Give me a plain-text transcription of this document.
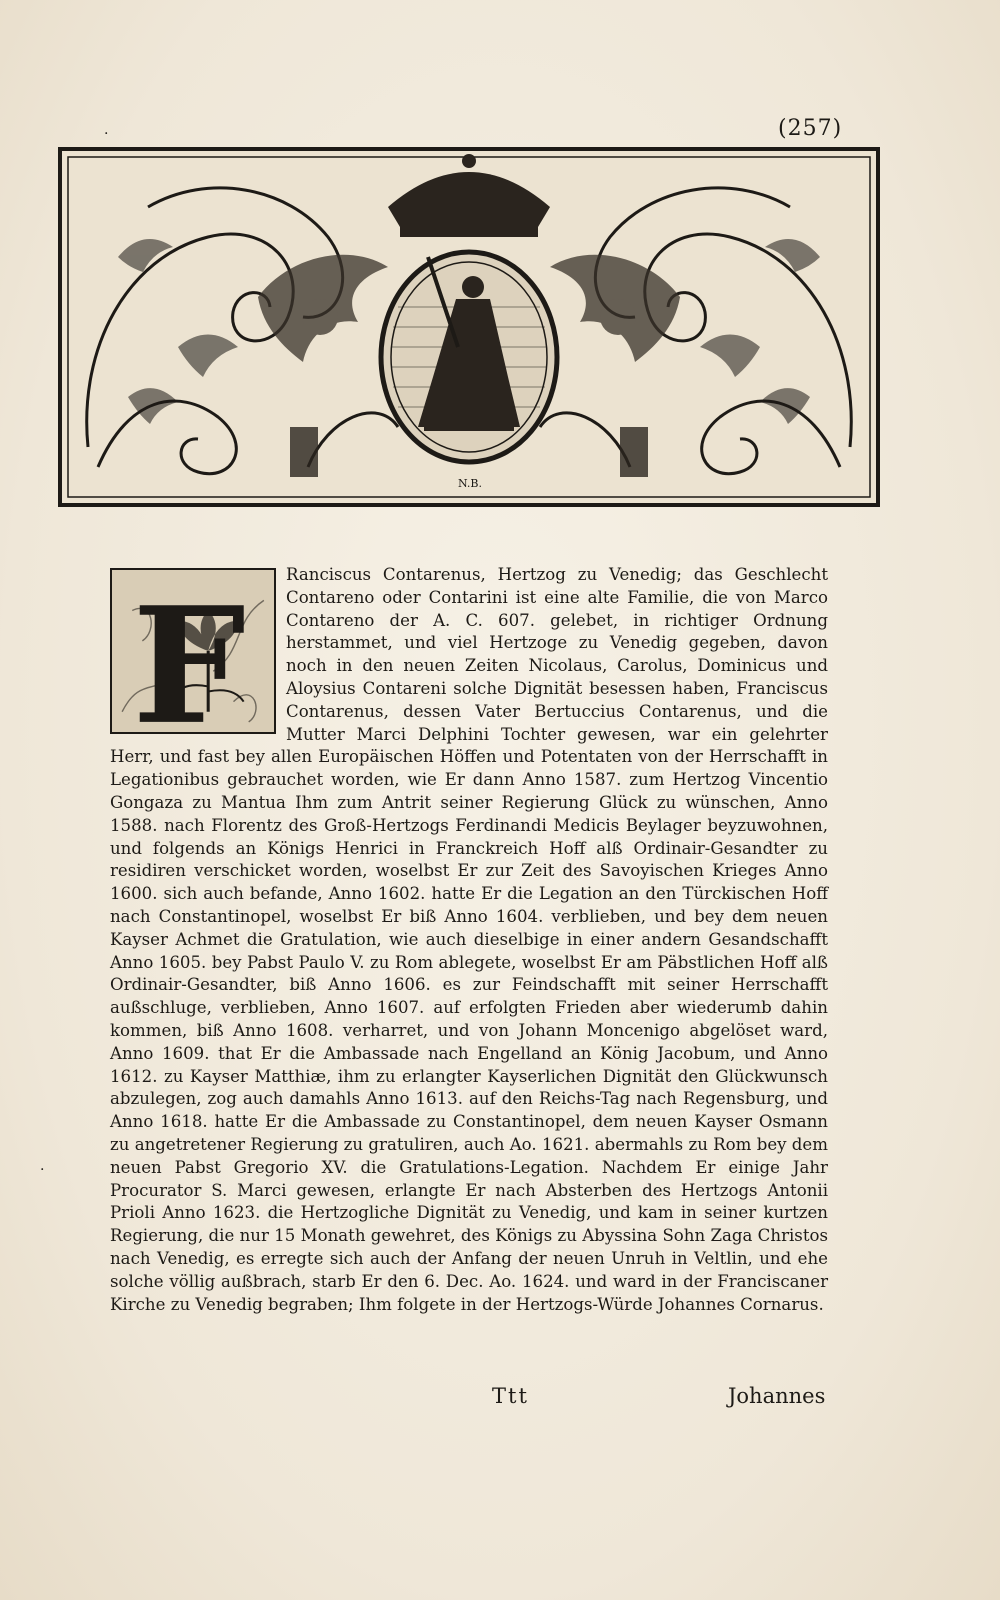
(257)
.
.
N.B.
F Ranciscus Contarenus, Hertzog zu Venedig; das Geschlecht Contareno oder Contarini ist eine alte Familie, die von Marco Contareno der A. C. 607. gelebet, in richtiger Ordnung herstammet, und viel Hertzoge zu Venedig gegeben, davon noch in den neuen Zeiten Nicolaus, Carolus, Dominicus und Aloysius Contareni solche Dignität besessen haben, Franciscus Contarenus, dessen Vater Bertuccius Contarenus, und die Mutter Marci Delphini Tochter gewesen, war ein gelehrter Herr, und fast bey allen Europäischen Höffen und Potentaten von der Herrschafft in Legationibus gebrauchet worden, wie Er dann Anno 1587. zum Hertzog Vincentio Gongaza zu Mantua Ihm zum Antrit seiner Regierung Glück zu wünschen, Anno 1588. nach Florentz des Groß-Hertzogs Ferdinandi Medicis Beylager beyzuwohnen, und folgends an Königs Henrici in Franckreich Hoff alß Ordinair-Gesandter zu residiren verschicket worden, woselbst Er zur Zeit des Savoyischen Krieges Anno 1600. sich auch befande, Anno 1602. hatte Er die Legation an den Türckischen Hoff nach Constantinopel, woselbst Er biß Anno 1604. verblieben, und bey dem neuen Kayser Achmet die Gratulation, wie auch dieselbige in einer andern Gesandschafft Anno 1605. bey Pabst Paulo V. zu Rom ablegete, woselbst Er am Päbstlichen Hoff alß Ordinair-Gesandter, biß Anno 1606. es zur Feindschafft mit seiner Herrschafft außschluge, verblieben, Anno 1607. auf erfolgten Frieden aber wiederumb dahin kommen, biß Anno 1608. verharret, und von Johann Moncenigo abgelöset ward, Anno 1609. that Er die Ambassade nach Engelland an König Jacobum, und Anno 1612. zu Kayser Matthiæ, ihm zu erlangter Kayserlichen Dignität den Glückwunsch abzulegen, zog auch damahls Anno 1613. auf den Reichs-Tag nach Regensburg, und Anno 1618. hatte Er die Ambassade zu Constantinopel, dem neuen Kayser Osmann zu angetretener Regierung zu gratuliren, auch Ao. 1621. abermahls zu Rom bey dem neuen Pabst Gregorio XV. die Gratulations-Legation. Nachdem Er einige Jahr Procurator S. Marci gewesen, erlangte Er nach Absterben des Hertzogs Antonii Prioli Anno 1623. die Hertzogliche Dignität zu Venedig, und kam in seiner kurtzen Regierung, die nur 15 Monath gewehret, des Königs zu Abyssina Sohn Zaga Christos nach Venedig, es erregte sich auch der Anfang der neuen Unruh in Veltlin, und ehe solche völlig außbrach, starb Er den 6. Dec. Ao. 1624. und ward in der Franciscaner Kirche zu Venedig begraben; Ihm folgete in der Hertzogs-Würde Johannes Cornarus.
Ttt	Johannes
